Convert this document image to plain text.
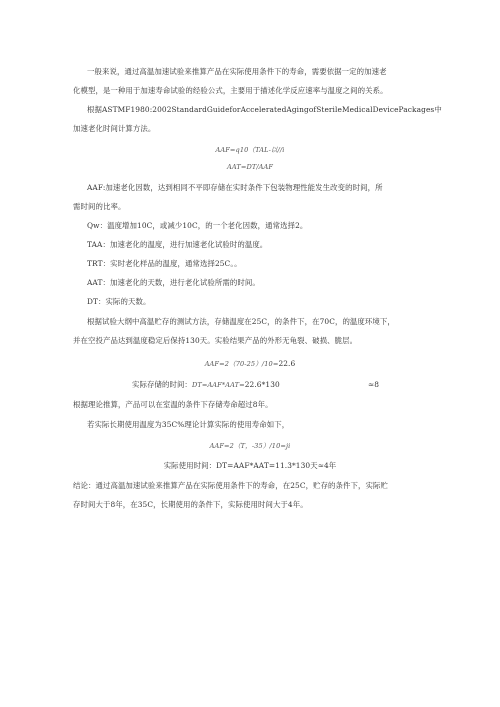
一般来说，通过高温加速试验来推算产品在实际使用条件下的寿命，需要依据一定的加速老
化模型，是一种用于加速寿命试验的经验公式，主要用于描述化学反应速率与温度之间的关系。
根据ASTMF1980:2002StandardGuideforAcceleratedAgingofSterileMedicalDevicePackages中
加速老化时间计算方法。
AAF=q10（TAL-以//i
AAT=DT/AAF
AAF:加速老化因数，达到相同不平即存储在实时条件下包装物理性能发生改变的时间，所
需时间的比率。
Qw：温度增加10C，或减少10C，的一个老化因数，通常选择2。
TAA：加速老化的温度，进行加速老化试验时的温度。
TRT：实时老化样品的温度，通常选择25C。。
AAT：加速老化的天数，进行老化试验所需的时间。
DT：实际的天数。
根据试验大纲中高温贮存的测试方法，存储温度在25C，的条件下，在70C，的温度环境下，
并在空投产品达到温度稳定后保持130天。实验结果产品的外形无龟裂、破损、脆层。
AAF=2（70-25）/10=22.6
实际存储的时间：DT=AAF*AAT=22.6*130	≈8
根据理论推算，产品可以在室温的条件下存储寿命超过8年。
若实际长期使用温度为35C%理论计算实际的使用寿命如下，
AAF=2（T，-35）/10=ji
实际使用时间：DT=AAF*AAT=11.3*130天≈4年
结论：通过高温加速试验来推算产品在实际使用条件下的寿命，在25C，贮存的条件下，实际贮
存时间大于8年，在35C，长期使用的条件下，实际使用时间大于4年。
